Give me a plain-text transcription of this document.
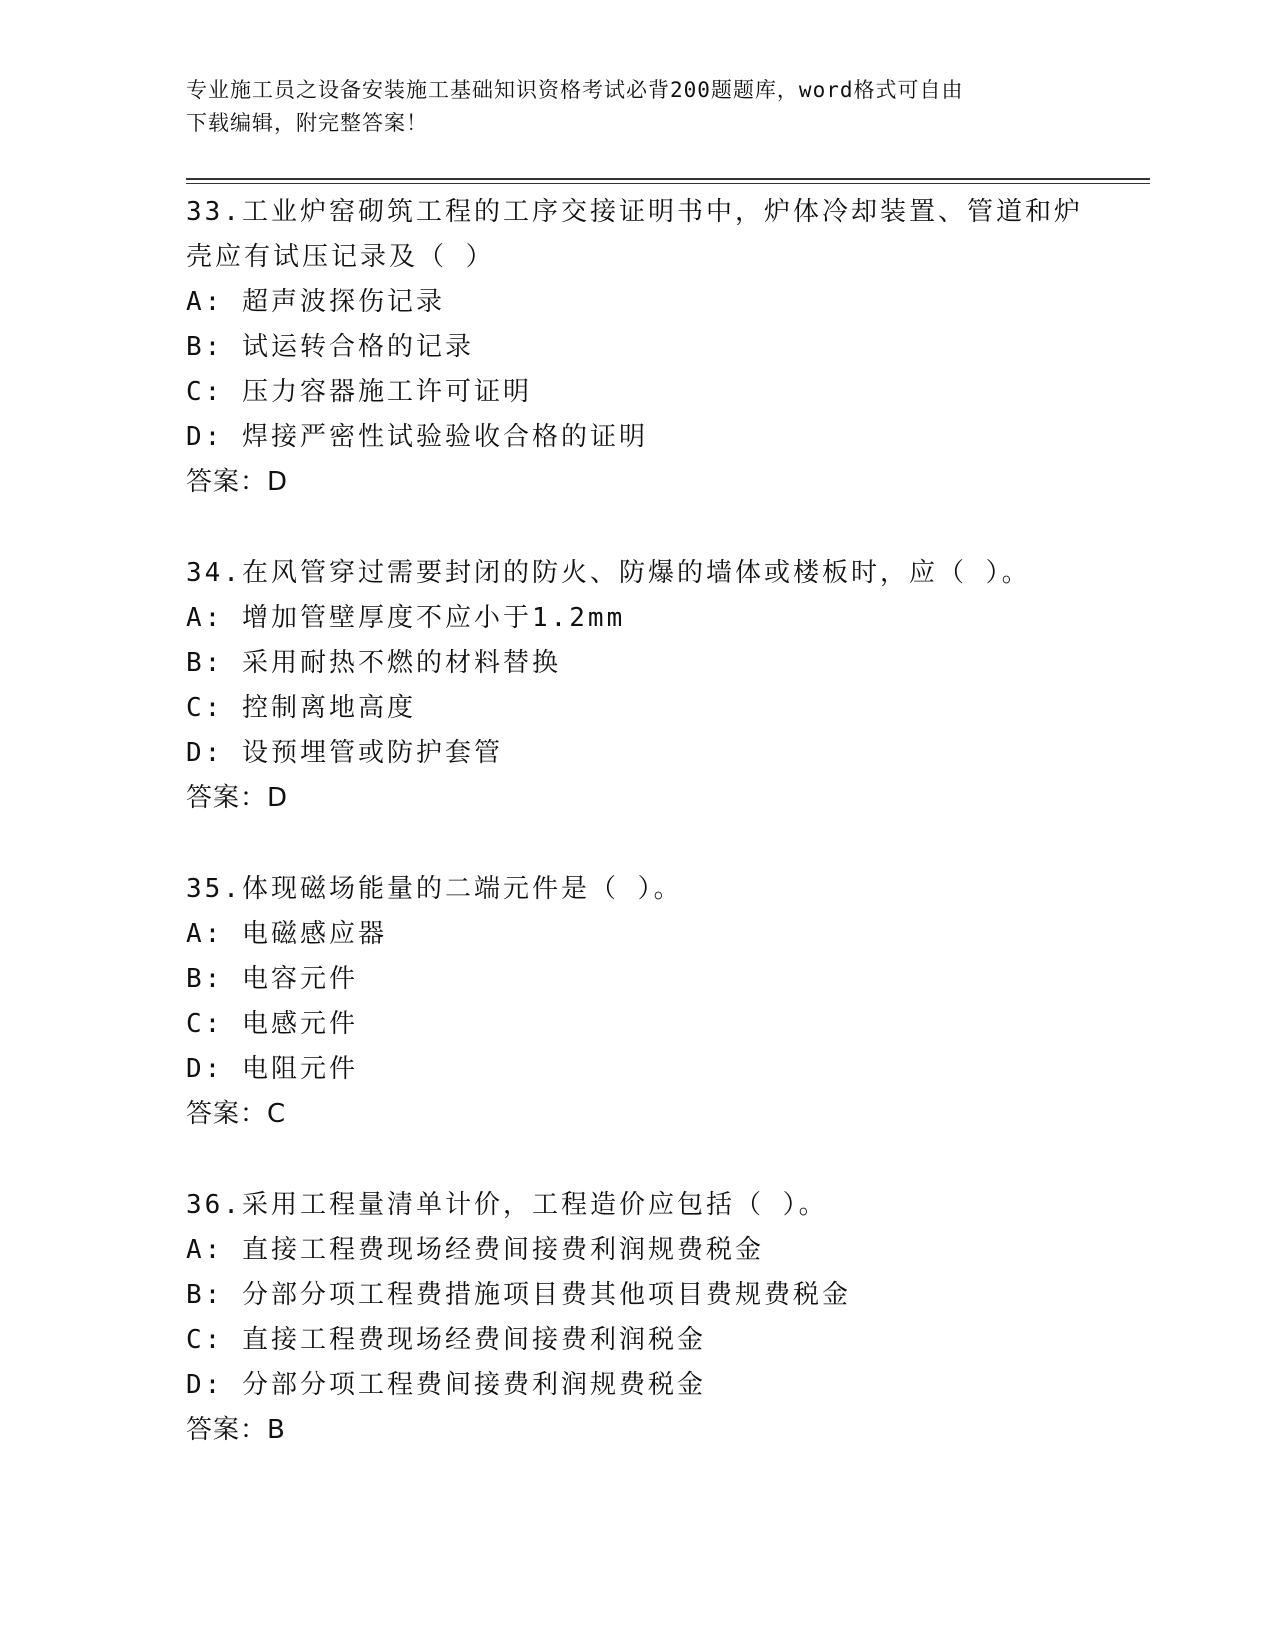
专业施工员之设备安装施工基础知识资格考试必背200题题库，word格式可自由
下载编辑，附完整答案！

33.工业炉窑砌筑工程的工序交接证明书中，炉体冷却装置、管道和炉

壳应有试压记录及（ ）

A: 超声波探伤记录

B: 试运转合格的记录

C: 压力容器施工许可证明

D: 焊接严密性试验验收合格的证明

答案：D

34.在风管穿过需要封闭的防火、防爆的墙体或楼板时，应（ ）。

A: 增加管壁厚度不应小于1.2mm

B: 采用耐热不燃的材料替换

C: 控制离地高度

D: 设预埋管或防护套管

答案：D

35.体现磁场能量的二端元件是（ ）。

A: 电磁感应器

B: 电容元件

C: 电感元件

D: 电阻元件

答案：C

36.采用工程量清单计价，工程造价应包括（ ）。

A: 直接工程费现场经费间接费利润规费税金

B: 分部分项工程费措施项目费其他项目费规费税金

C: 直接工程费现场经费间接费利润税金

D: 分部分项工程费间接费利润规费税金

答案：B
